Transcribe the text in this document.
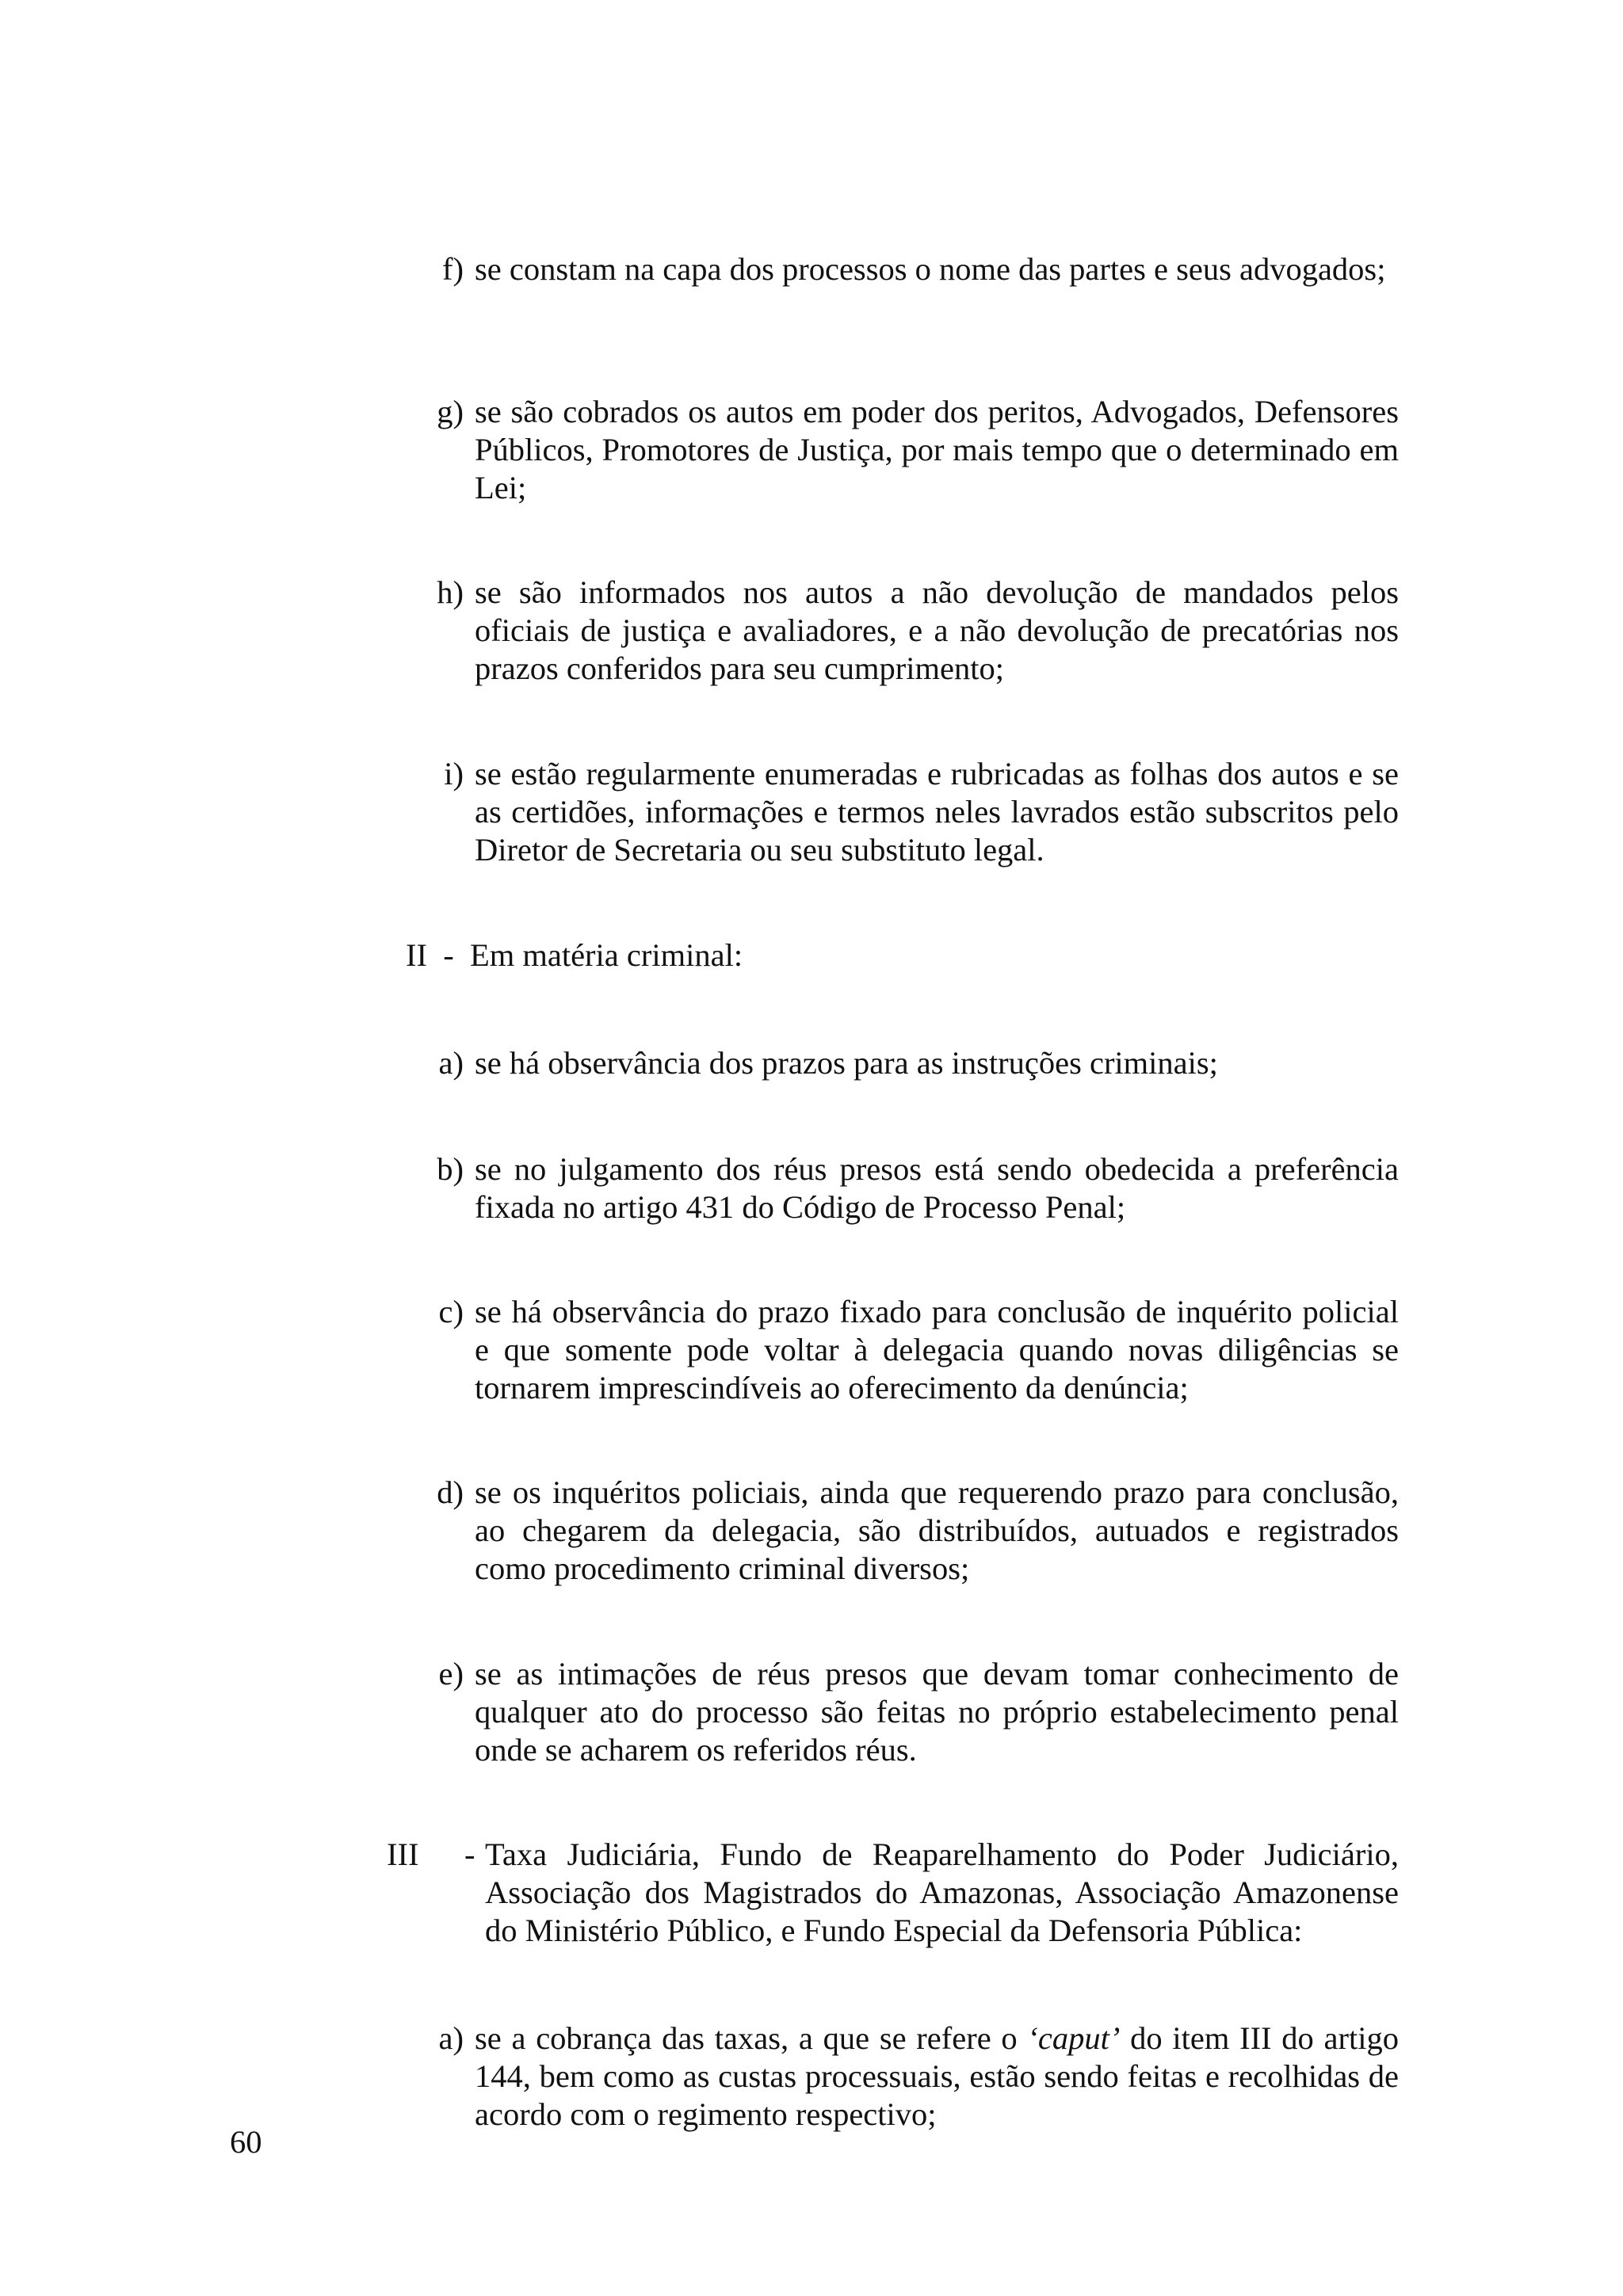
f) se constam na capa dos processos o nome das partes e seus advogados;
g) se são cobrados os autos em poder dos peritos, Advogados, Defensores Públicos, Promotores de Justiça, por mais tempo que o determinado em Lei;
h) se são informados nos autos a não devolução de mandados pelos oficiais de justiça e avaliadores, e a não devolução de precatórias nos prazos conferidos para seu cumprimento;
i) se estão regularmente enumeradas e rubricadas as folhas dos autos e se as certidões, informações e termos neles lavrados estão subscritos pelo Diretor de Secretaria ou seu substituto legal.
II - Em matéria criminal:
a) se há observância dos prazos para as instruções criminais;
b) se no julgamento dos réus presos está sendo obedecida a preferência fixada no artigo 431 do Código de Processo Penal;
c) se há observância do prazo fixado para conclusão de inquérito policial e que somente pode voltar à delegacia quando novas diligências se tornarem imprescindíveis ao oferecimento da denúncia;
d) se os inquéritos policiais, ainda que requerendo prazo para conclusão, ao chegarem da delegacia, são distribuídos, autuados e registrados como procedimento criminal diversos;
e) se as intimações de réus presos que devam tomar conhecimento de qualquer ato do processo são feitas no próprio estabelecimento penal onde se acharem os referidos réus.
III - Taxa Judiciária, Fundo de Reaparelhamento do Poder Judiciário, Associação dos Magistrados do Amazonas, Associação Amazonense do Ministério Público, e Fundo Especial da Defensoria Pública:
a) se a cobrança das taxas, a que se refere o ‘caput’ do item III do artigo 144, bem como as custas processuais, estão sendo feitas e recolhidas de acordo com o regimento respectivo;
60
